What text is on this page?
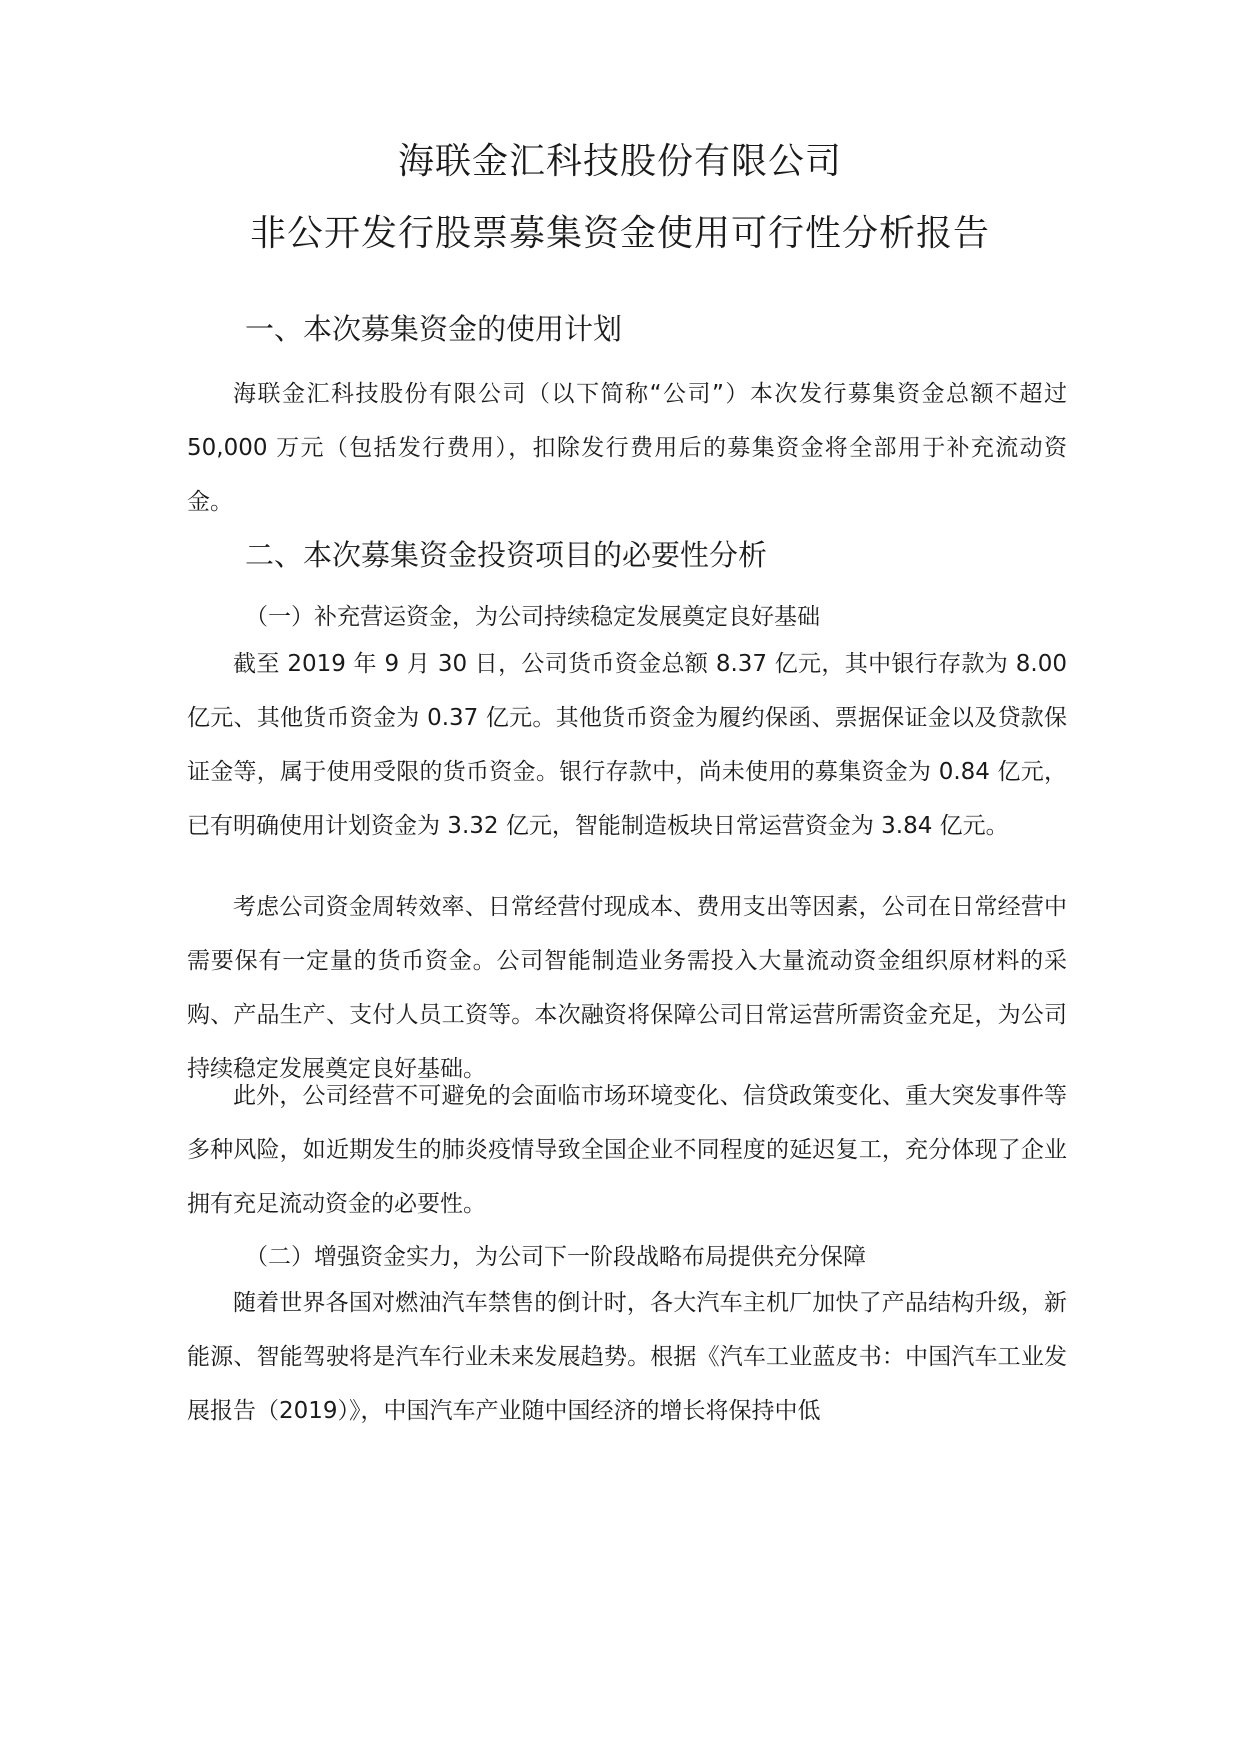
海联金汇科技股份有限公司
非公开发行股票募集资金使用可行性分析报告
一、本次募集资金的使用计划

海联金汇科技股份有限公司（以下简称“公司”）本次发行募集资金总额不超过 50,000 万元（包括发行费用），扣除发行费用后的募集资金将全部用于补充流动资金。

二、本次募集资金投资项目的必要性分析
（一）补充营运资金，为公司持续稳定发展奠定良好基础

截至 2019 年 9 月 30 日，公司货币资金总额 8.37 亿元，其中银行存款为 8.00 亿元、其他货币资金为 0.37 亿元。其他货币资金为履约保函、票据保证金以及贷款保证金等，属于使用受限的货币资金。银行存款中，尚未使用的募集资金为 0.84 亿元，已有明确使用计划资金为 3.32 亿元，智能制造板块日常运营资金为 3.84 亿元。

考虑公司资金周转效率、日常经营付现成本、费用支出等因素，公司在日常经营中需要保有一定量的货币资金。公司智能制造业务需投入大量流动资金组织原材料的采购、产品生产、支付人员工资等。本次融资将保障公司日常运营所需资金充足，为公司持续稳定发展奠定良好基础。

此外，公司经营不可避免的会面临市场环境变化、信贷政策变化、重大突发事件等多种风险，如近期发生的肺炎疫情导致全国企业不同程度的延迟复工，充分体现了企业拥有充足流动资金的必要性。

（二）增强资金实力，为公司下一阶段战略布局提供充分保障

随着世界各国对燃油汽车禁售的倒计时，各大汽车主机厂加快了产品结构升级，新能源、智能驾驶将是汽车行业未来发展趋势。根据《汽车工业蓝皮书：中国汽车工业发展报告（2019）》，中国汽车产业随中国经济的增长将保持中低
